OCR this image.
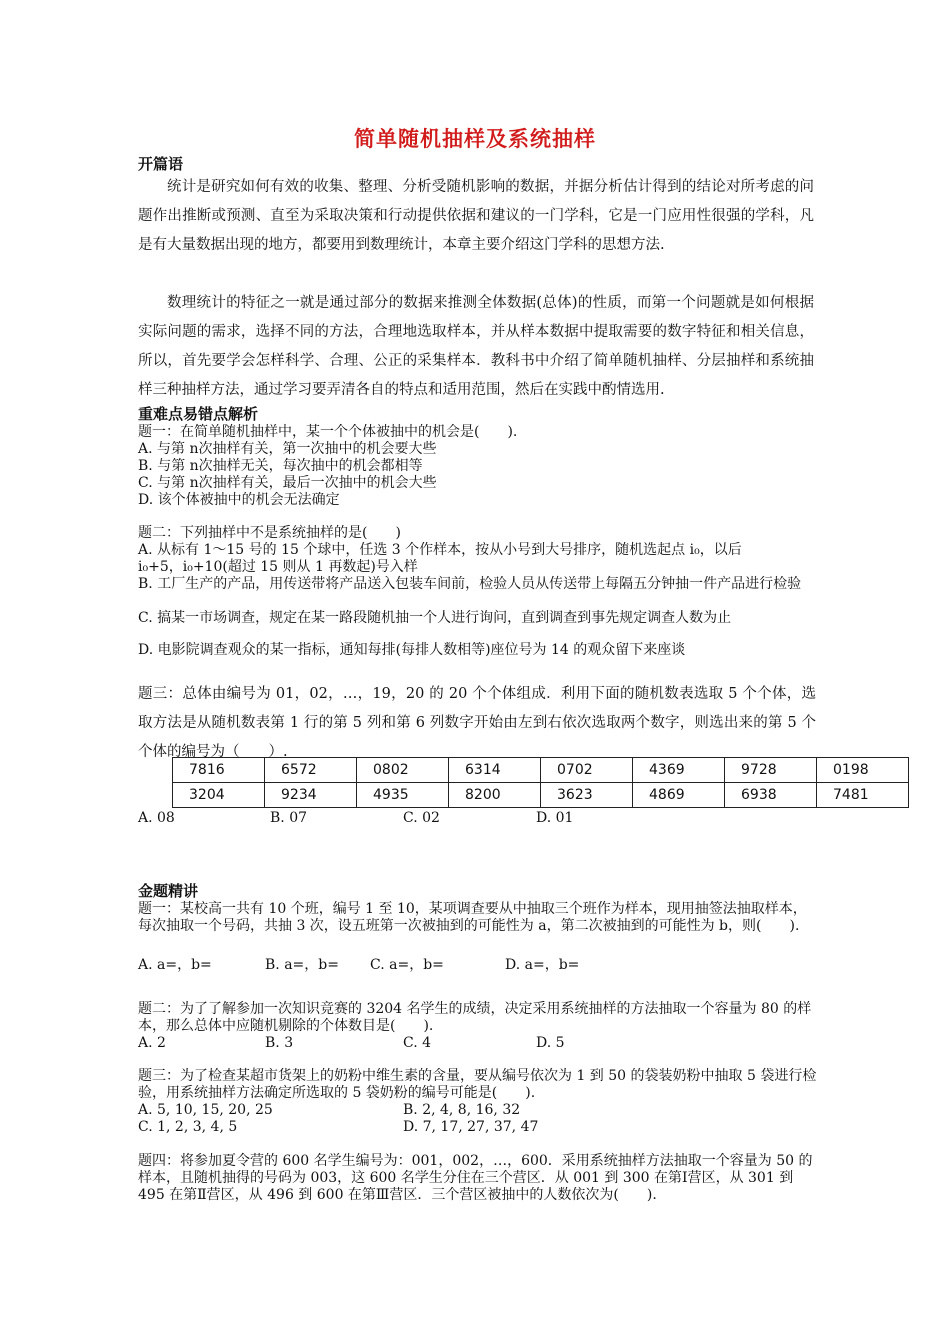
简单随机抽样及系统抽样
开篇语
统计是研究如何有效的收集、整理、分析受随机影响的数据，并据分析估计得到的结论对所考虑的问题作出推断或预测、直至为采取决策和行动提供依据和建议的一门学科，它是一门应用性很强的学科，凡是有大量数据出现的地方，都要用到数理统计，本章主要介绍这门学科的思想方法.
数理统计的特征之一就是通过部分的数据来推测全体数据(总体)的性质，而第一个问题就是如何根据实际问题的需求，选择不同的方法，合理地选取样本，并从样本数据中提取需要的数字特征和相关信息，所以，首先要学会怎样科学、合理、公正的采集样本．教科书中介绍了简单随机抽样、分层抽样和系统抽样三种抽样方法，通过学习要弄清各自的特点和适用范围，然后在实践中酌情选用.
重难点易错点解析
题一：在简单随机抽样中，某一个个体被抽中的机会是(　　).
A. 与第 n次抽样有关，第一次抽中的机会要大些
B. 与第 n次抽样无关，每次抽中的机会都相等
C. 与第 n次抽样有关，最后一次抽中的机会大些
D. 该个体被抽中的机会无法确定
题二：下列抽样中不是系统抽样的是(　　)
A. 从标有 1～15 号的 15 个球中，任选 3 个作样本，按从小号到大号排序，随机选起点 i₀，以后
i₀+5，i₀+10(超过 15 则从 1 再数起)号入样
B. 工厂生产的产品，用传送带将产品送入包装车间前，检验人员从传送带上每隔五分钟抽一件产品进行检验
C. 搞某一市场调查，规定在某一路段随机抽一个人进行询问，直到调查到事先规定调查人数为止
D. 电影院调查观众的某一指标，通知每排(每排人数相等)座位号为 14 的观众留下来座谈
题三：总体由编号为 01，02，…，19，20 的 20 个个体组成．利用下面的随机数表选取 5 个个体，选取方法是从随机数表第 1 行的第 5 列和第 6 列数字开始由左到右依次选取两个数字，则选出来的第 5 个个体的编号为（　　）.
7816	6572	0802	6314	0702	4369	9728	0198
3204	9234	4935	8200	3623	4869	6938	7481
A. 08	B. 07	C. 02	D. 01
金题精讲
题一：某校高一共有 10 个班，编号 1 至 10，某项调查要从中抽取三个班作为样本，现用抽签法抽取样本，每次抽取一个号码，共抽 3 次，设五班第一次被抽到的可能性为 a，第二次被抽到的可能性为 b，则(　　).
A. a=，b=	B. a=，b= C. a=，b=	D. a=，b=
题二：为了了解参加一次知识竞赛的 3204 名学生的成绩，决定采用系统抽样的方法抽取一个容量为 80 的样本，那么总体中应随机剔除的个体数目是(　　).
A. 2	B. 3	C. 4	D. 5
题三：为了检查某超市货架上的奶粉中维生素的含量，要从编号依次为 1 到 50 的袋装奶粉中抽取 5 袋进行检验，用系统抽样方法确定所选取的 5 袋奶粉的编号可能是(　　).
A. 5, 10, 15, 20, 25	B. 2, 4, 8, 16, 32
C. 1, 2, 3, 4, 5	D. 7, 17, 27, 37, 47
题四：将参加夏令营的 600 名学生编号为：001，002，…，600．采用系统抽样方法抽取一个容量为 50 的样本，且随机抽得的号码为 003，这 600 名学生分住在三个营区．从 001 到 300 在第Ⅰ营区，从 301 到 495 在第Ⅱ营区，从 496 到 600 在第Ⅲ营区．三个营区被抽中的人数依次为(　　).
